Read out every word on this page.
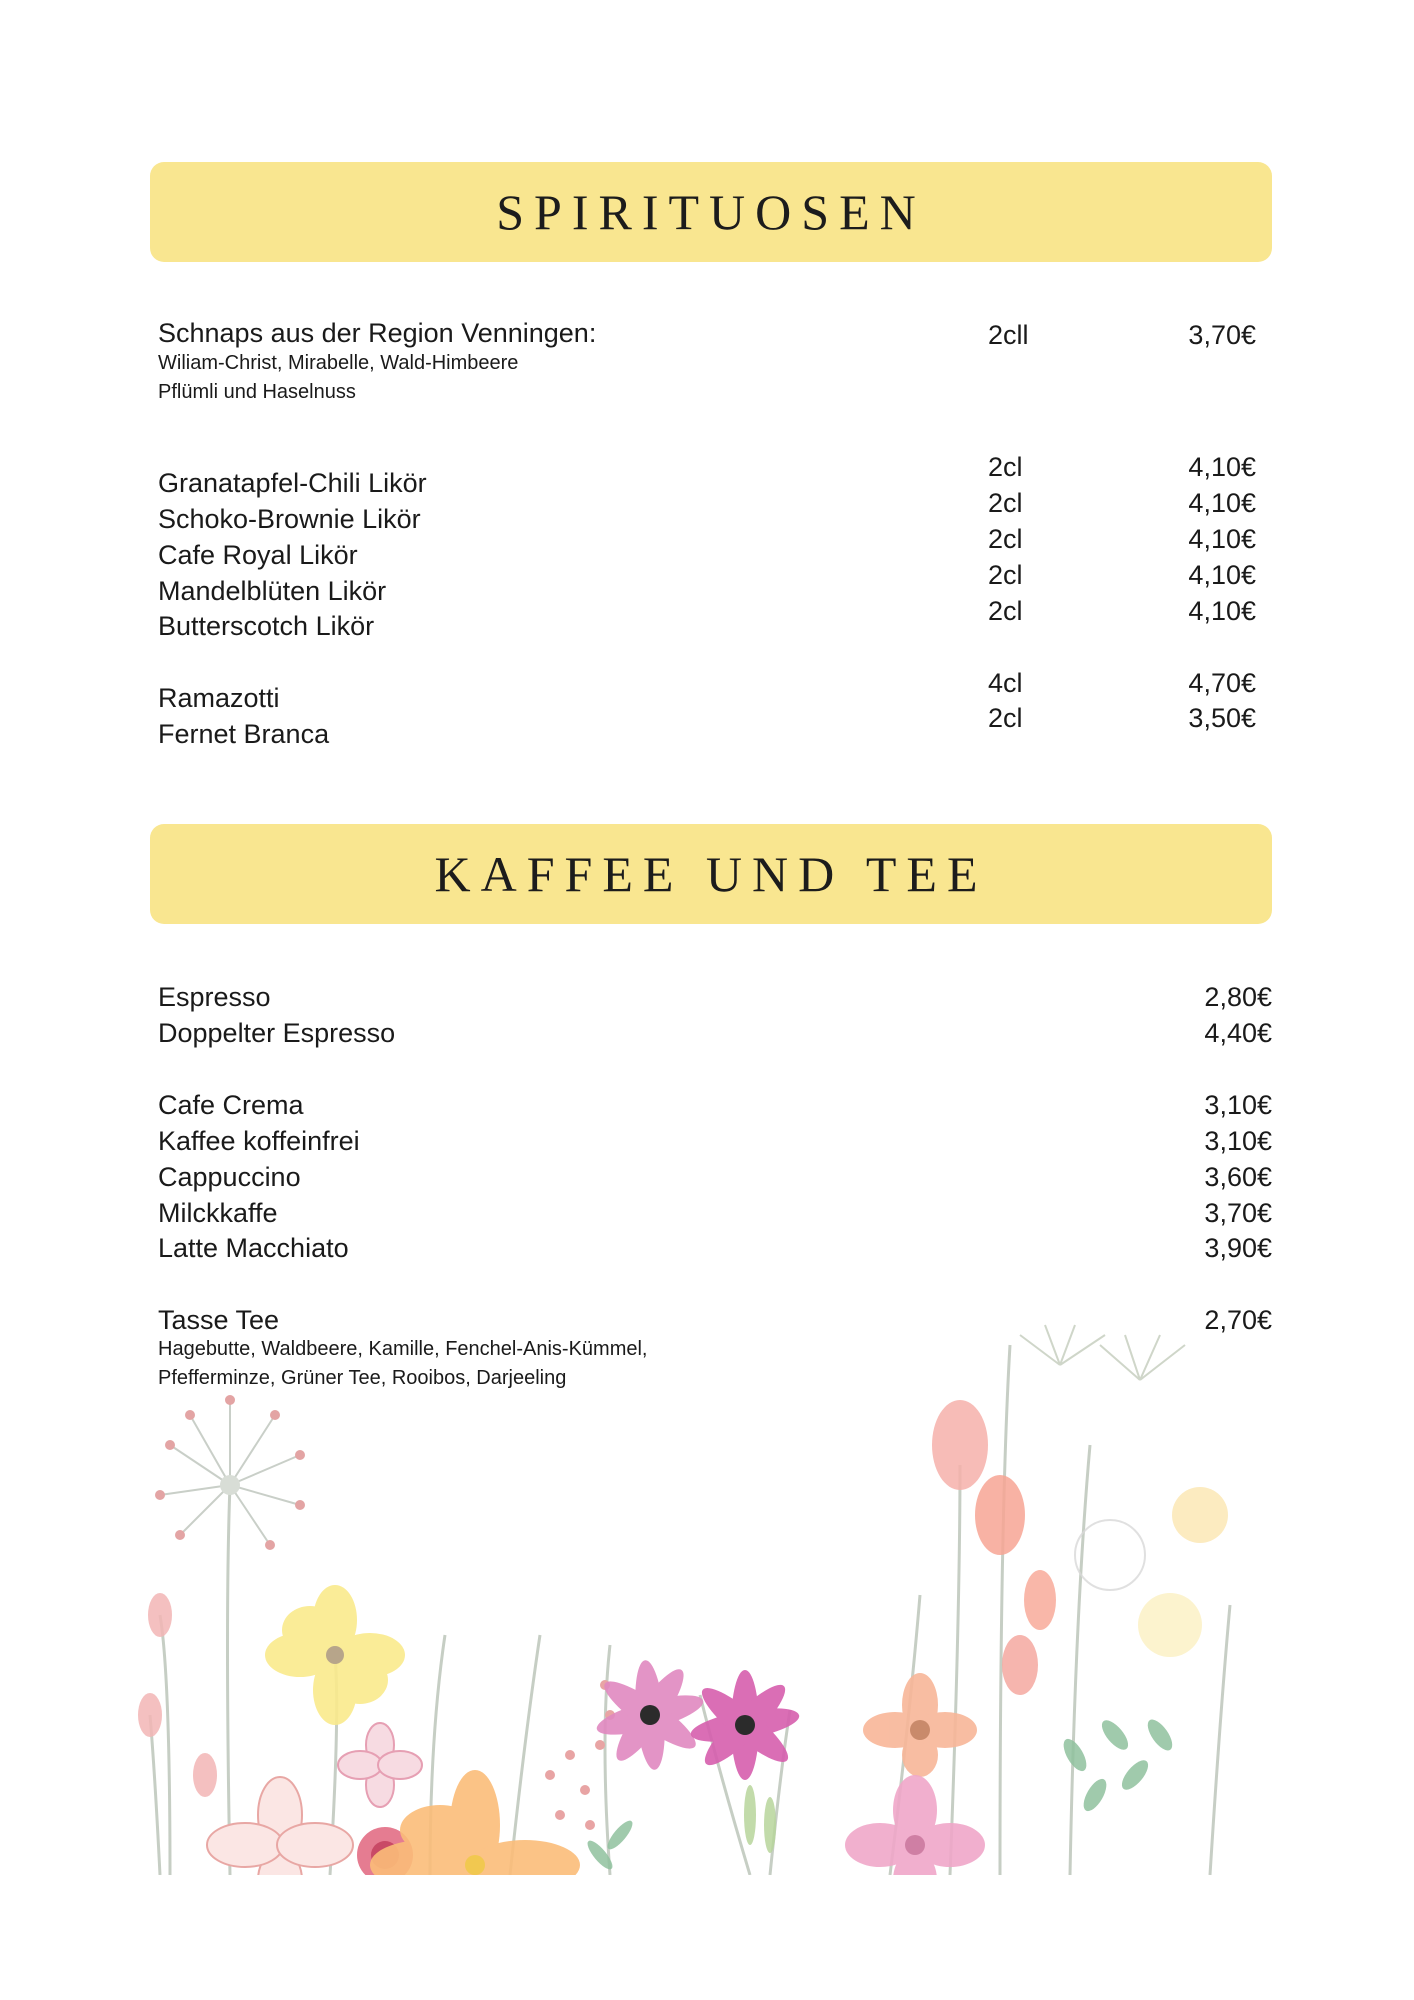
SPIRITUOSEN
Schnaps aus der Region Venningen:
Wiliam-Christ, Mirabelle, Wald-Himbeere
Pflümli und Haselnuss
2cll	3,70€
Granatapfel-Chili Likör
Schoko-Brownie Likör
Cafe Royal Likör
Mandelblüten Likör
Butterscotch Likör
2cl
2cl
2cl
2cl
2cl
4,10€
4,10€
4,10€
4,10€
4,10€
Ramazotti
Fernet Branca
4cl
2cl
4,70€
3,50€
KAFFEE UND TEE
Espresso
Doppelter Espresso
2,80€
4,40€
Cafe Crema
Kaffee koffeinfrei
Cappuccino
Milckkaffe
Latte Macchiato
3,10€
3,10€
3,60€
3,70€
3,90€
Tasse Tee	2,70€
Hagebutte, Waldbeere, Kamille, Fenchel-Anis-Kümmel,
Pfefferminze, Grüner Tee, Rooibos, Darjeeling
